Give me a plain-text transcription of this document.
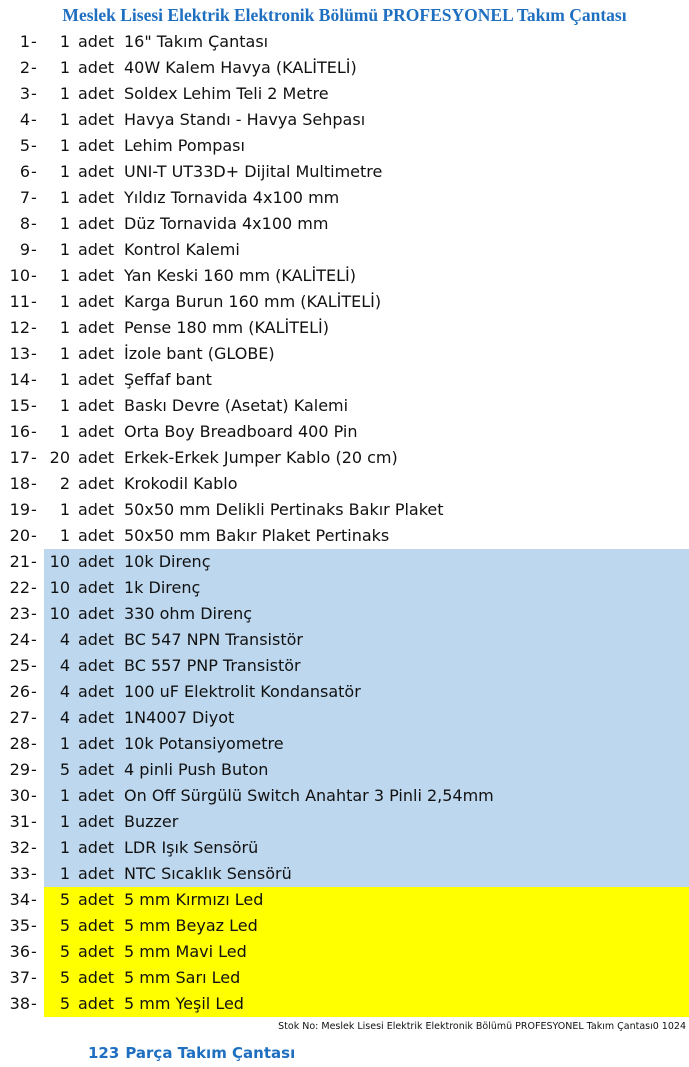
Meslek Lisesi Elektrik Elektronik Bölümü PROFESYONEL Takım Çantası
1 -	1 adet 16" Takım Çantası
2 -	1 adet 40W Kalem Havya (KALİTELİ)
3 -	1 adet Soldex Lehim Teli 2 Metre
4 -	1 adet Havya Standı - Havya Sehpası
5 -	1 adet Lehim Pompası
6 -	1 adet UNI-T UT33D+ Dijital Multimetre
7 -	1 adet Yıldız Tornavida 4x100 mm
8 -	1 adet Düz Tornavida 4x100 mm
9 -	1 adet Kontrol Kalemi
10 -	1 adet Yan Keski 160 mm (KALİTELİ)
11 -	1 adet Karga Burun 160 mm (KALİTELİ)
12 -	1 adet Pense 180 mm (KALİTELİ)
13 -	1 adet İzole bant (GLOBE)
14 -	1 adet Şeffaf bant
15 -	1 adet Baskı Devre (Asetat) Kalemi
16 -	1 adet Orta Boy Breadboard 400 Pin
17 - 20 adet Erkek-Erkek Jumper Kablo (20 cm)
18 -	2 adet Krokodil Kablo
19 -	1 adet 50x50 mm Delikli Pertinaks Bakır Plaket
20 -	1 adet 50x50 mm Bakır Plaket Pertinaks
21 - 10 adet 10k Direnç
22 - 10 adet 1k Direnç
23 - 10 adet 330 ohm Direnç
24 -	4 adet BC 547 NPN Transistör
25 -	4 adet BC 557 PNP Transistör
26 -	4 adet 100 uF Elektrolit Kondansatör
27 -	4 adet 1N4007 Diyot
28 -	1 adet 10k Potansiyometre
29 -	5 adet 4 pinli Push Buton
30 -	1 adet On Off Sürgülü Switch Anahtar 3 Pinli 2,54mm
31 -	1 adet Buzzer
32 -	1 adet LDR Işık Sensörü
33 -	1 adet NTC Sıcaklık Sensörü
34 -	5 adet 5 mm Kırmızı Led
35 -	5 adet 5 mm Beyaz Led
36 -	5 adet 5 mm Mavi Led
37 -	5 adet 5 mm Sarı Led
38 -	5 adet 5 mm Yeşil Led
Stok No: Meslek Lisesi Elektrik Elektronik Bölümü PROFESYONEL Takım Çantası0 1024
123 Parça Takım Çantası
